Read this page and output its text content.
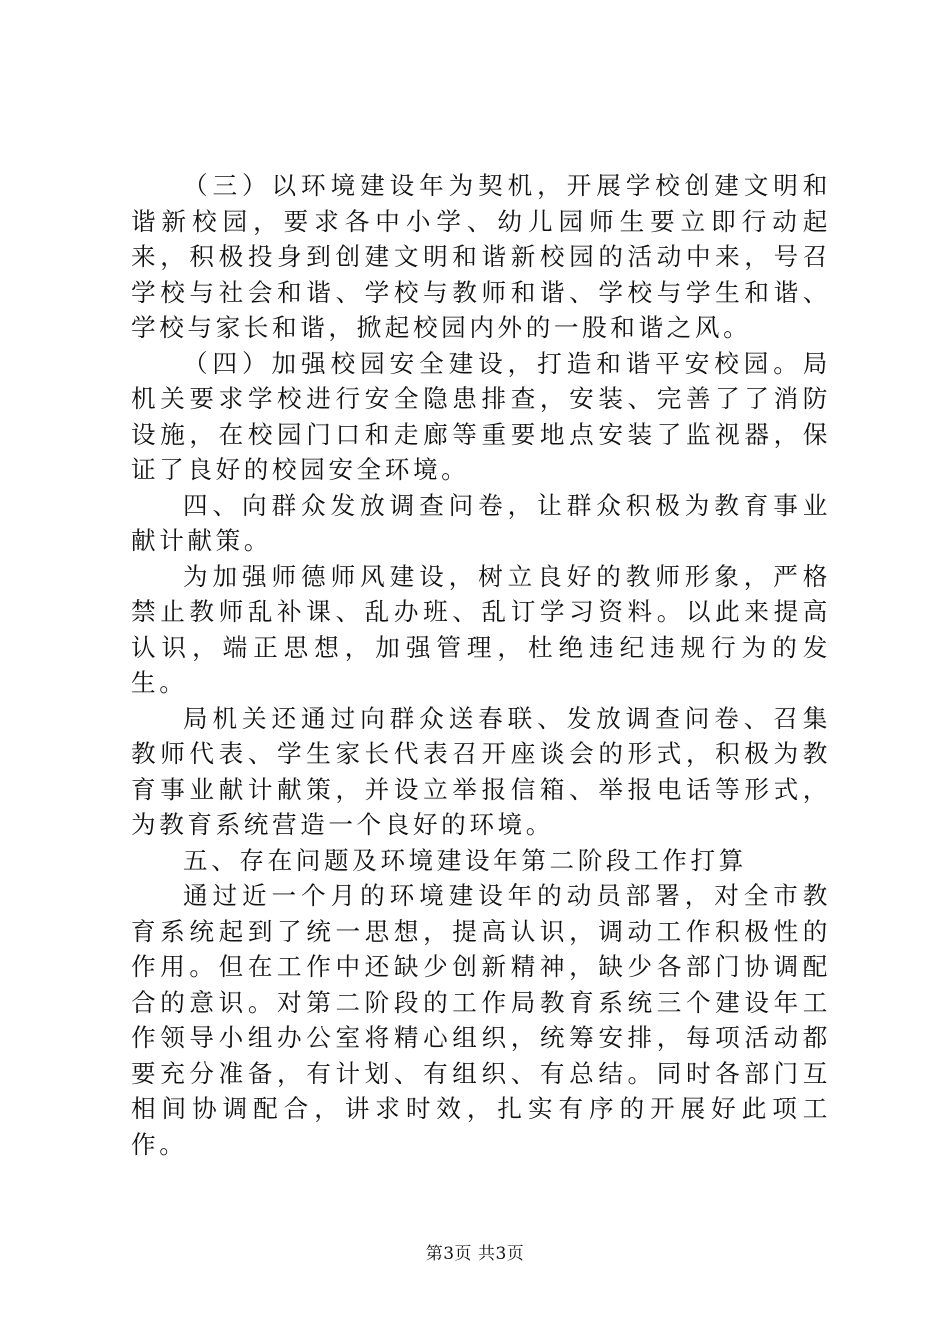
（三）以环境建设年为契机，开展学校创建文明和谐新校园，要求各中小学、幼儿园师生要立即行动起来，积极投身到创建文明和谐新校园的活动中来，号召学校与社会和谐、学校与教师和谐、学校与学生和谐、学校与家长和谐，掀起校园内外的一股和谐之风。

（四）加强校园安全建设，打造和谐平安校园。局机关要求学校进行安全隐患排查，安装、完善了了消防设施，在校园门口和走廊等重要地点安装了监视器，保证了良好的校园安全环境。

四、向群众发放调查问卷，让群众积极为教育事业献计献策。

为加强师德师风建设，树立良好的教师形象，严格禁止教师乱补课、乱办班、乱订学习资料。以此来提高认识，端正思想，加强管理，杜绝违纪违规行为的发生。

局机关还通过向群众送春联、发放调查问卷、召集教师代表、学生家长代表召开座谈会的形式，积极为教育事业献计献策，并设立举报信箱、举报电话等形式，为教育系统营造一个良好的环境。

五、存在问题及环境建设年第二阶段工作打算

通过近一个月的环境建设年的动员部署，对全市教育系统起到了统一思想，提高认识，调动工作积极性的作用。但在工作中还缺少创新精神，缺少各部门协调配合的意识。对第二阶段的工作局教育系统三个建设年工作领导小组办公室将精心组织，统筹安排，每项活动都要充分准备，有计划、有组织、有总结。同时各部门互相间协调配合，讲求时效，扎实有序的开展好此项工作。

第3页 共3页
